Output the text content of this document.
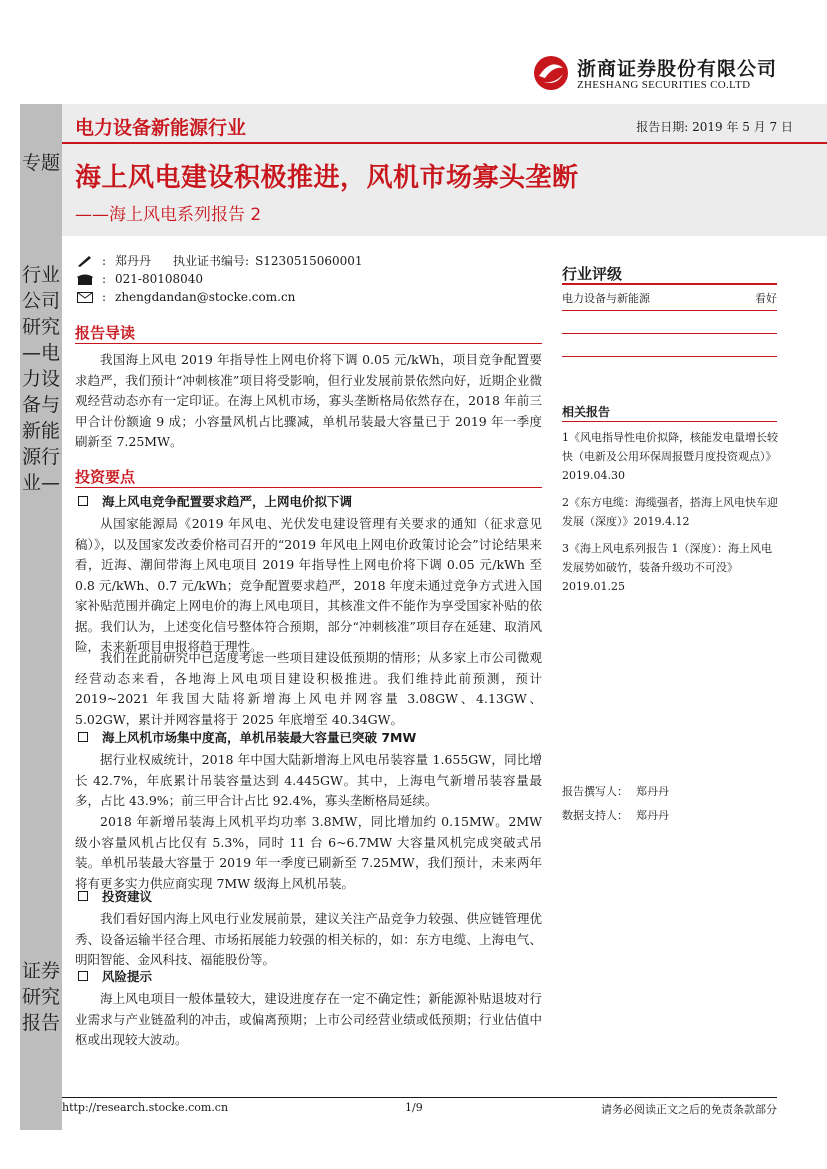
浙商证券股份有限公司
ZHESHANG SECURITIES CO.LTD
专题
行业公司研究—电力设备与新能源行业—
证券研究报告
电力设备新能源行业	报告日期: 2019 年 5 月 7 日
海上风电建设积极推进，风机市场寡头垄断
——海上风电系列报告 2
: 郑丹丹 执业证书编号: S1230515060001
: 021-80108040
: zhengdandan@stocke.com.cn
行业评级
电力设备与新能源	看好
相关报告
1《风电指导性电价拟降，核能发电量增长较快（电新及公用环保周报暨月度投资观点）》2019.04.30
2《东方电缆：海缆强者，搭海上风电快车迎发展（深度）》2019.4.12
3《海上风电系列报告 1（深度）：海上风电发展势如破竹，装备升级功不可没》2019.01.25
报告撰写人： 郑丹丹
数据支持人： 郑丹丹
报告导读
我国海上风电 2019 年指导性上网电价将下调 0.05 元/kWh，项目竞争配置要求趋严，我们预计“冲刺核准”项目将受影响，但行业发展前景依然向好，近期企业微观经营动态亦有一定印证。在海上风机市场，寡头垄断格局依然存在，2018 年前三甲合计份额逾 9 成；小容量风机占比骤减，单机吊装最大容量已于 2019 年一季度刷新至 7.25MW。
投资要点
海上风电竞争配置要求趋严，上网电价拟下调
从国家能源局《2019 年风电、光伏发电建设管理有关要求的通知（征求意见稿）》，以及国家发改委价格司召开的“2019 年风电上网电价政策讨论会”讨论结果来看，近海、潮间带海上风电项目 2019 年指导性上网电价将下调 0.05 元/kWh 至 0.8 元/kWh、0.7 元/kWh；竞争配置要求趋严，2018 年度未通过竞争方式进入国家补贴范围并确定上网电价的海上风电项目，其核准文件不能作为享受国家补贴的依据。我们认为，上述变化信号整体符合预期，部分“冲刺核准”项目存在延建、取消风险，未来新项目申报将趋于理性。
我们在此前研究中已适度考虑一些项目建设低预期的情形；从多家上市公司微观经营动态来看，各地海上风电项目建设积极推进。我们维持此前预测，预计 2019~2021 年我国大陆将新增海上风电并网容量 3.08GW、4.13GW、5.02GW，累计并网容量将于 2025 年底增至 40.34GW。
海上风机市场集中度高，单机吊装最大容量已突破 7MW
据行业权威统计，2018 年中国大陆新增海上风电吊装容量 1.655GW，同比增长 42.7%，年底累计吊装容量达到 4.445GW。其中，上海电气新增吊装容量最多，占比 43.9%；前三甲合计占比 92.4%，寡头垄断格局延续。
2018 年新增吊装海上风机平均功率 3.8MW，同比增加约 0.15MW。2MW 级小容量风机占比仅有 5.3%，同时 11 台 6~6.7MW 大容量风机完成突破式吊装。单机吊装最大容量于 2019 年一季度已刷新至 7.25MW，我们预计，未来两年将有更多实力供应商实现 7MW 级海上风机吊装。
投资建议
我们看好国内海上风电行业发展前景，建议关注产品竞争力较强、供应链管理优秀、设备运输半径合理、市场拓展能力较强的相关标的，如：东方电缆、上海电气、明阳智能、金风科技、福能股份等。
风险提示
海上风电项目一般体量较大，建设进度存在一定不确定性；新能源补贴退坡对行业需求与产业链盈利的冲击，或偏离预期；上市公司经营业绩或低预期；行业估值中枢或出现较大波动。
http://research.stocke.com.cn	1/9	请务必阅读正文之后的免责条款部分
